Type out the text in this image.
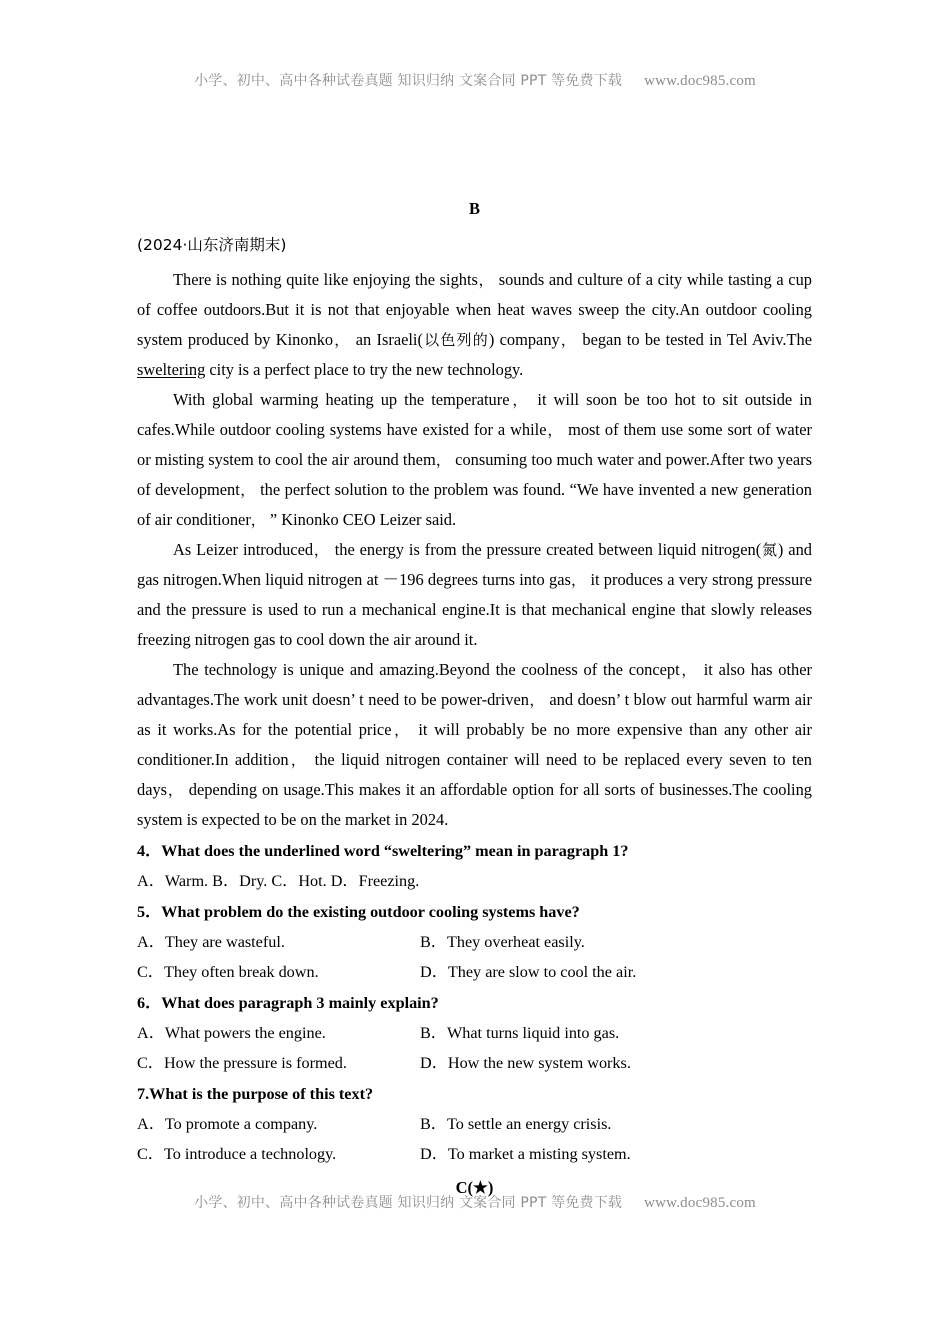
小学、初中、高中各种试卷真题 知识归纳 文案合同 PPT 等免费下载 www.doc985.com
B
(2024·山东济南期末)

There is nothing quite like enjoying the sights， sounds and culture of a city while tasting a cup of coffee outdoors.But it is not that enjoyable when heat waves sweep the city.An outdoor cooling system produced by Kinonko， an Israeli(以色列的) company， began to be tested in Tel Aviv.The sweltering city is a perfect place to try the new technology.

With global warming heating up the temperature， it will soon be too hot to sit outside in cafes.While outdoor cooling systems have existed for a while， most of them use some sort of water or misting system to cool the air around them， consuming too much water and power.After two years of development， the perfect solution to the problem was found. “We have invented a new generation of air conditioner， ” Kinonko CEO Leizer said.

As Leizer introduced， the energy is from the pressure created between liquid nitrogen(氮) and gas nitrogen.When liquid nitrogen at －196 degrees turns into gas， it produces a very strong pressure and the pressure is used to run a mechanical engine.It is that mechanical engine that slowly releases freezing nitrogen gas to cool down the air around it.

The technology is unique and amazing.Beyond the coolness of the concept， it also has other advantages.The work unit doesn’ t need to be power-driven， and doesn’ t blow out harmful warm air as it works.As for the potential price， it will probably be no more expensive than any other air conditioner.In addition， the liquid nitrogen container will need to be replaced every seven to ten days， depending on usage.This makes it an affordable option for all sorts of businesses.The cooling system is expected to be on the market in 2024.

4．What does the underlined word “sweltering” mean in paragraph 1?
A．Warm. B．Dry. C．Hot. D．Freezing.
5．What problem do the existing outdoor cooling systems have?
A．They are wasteful.	B．They overheat easily.
C．They often break down.	D．They are slow to cool the air.
6．What does paragraph 3 mainly explain?
A．What powers the engine.	B．What turns liquid into gas.
C．How the pressure is formed.	D．How the new system works.
7.What is the purpose of this text?
A．To promote a company.	B．To settle an energy crisis.
C．To introduce a technology.	D．To market a misting system.
C(★)
小学、初中、高中各种试卷真题 知识归纳 文案合同 PPT 等免费下载 www.doc985.com
